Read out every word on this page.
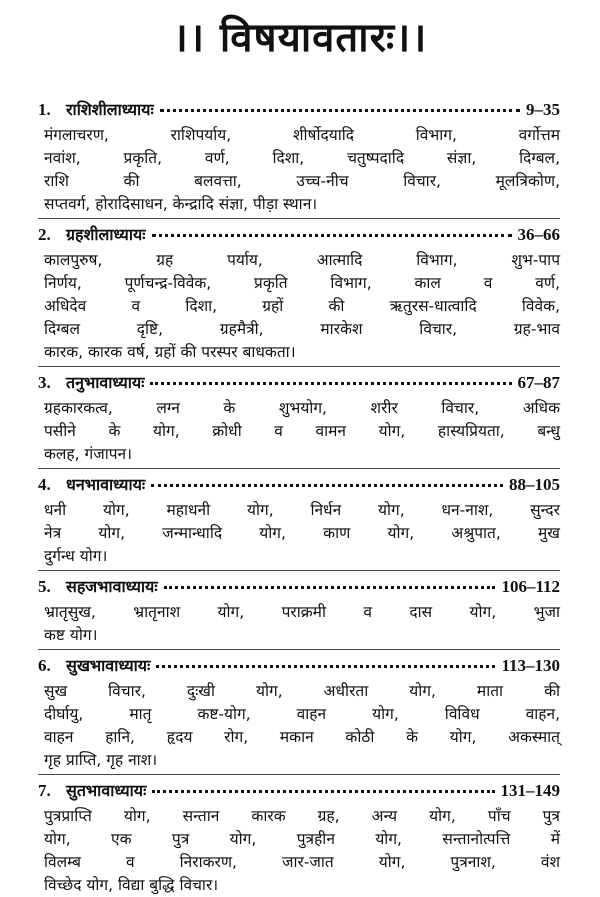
।। विषयावतारः।।
1. राशिशीलाध्यायः	9–35
मंगलाचरण, राशिपर्याय, शीर्षोदयादि विभाग, वर्गोत्तम
नवांश, प्रकृति, वर्ण, दिशा, चतुष्पदादि संज्ञा, दिग्बल,
राशि की बलवत्ता, उच्च-नीच विचार, मूलत्रिकोण,
सप्तवर्ग, होरादिसाधन, केन्द्रादि संज्ञा, पीड़ा स्थान।
2. ग्रहशीलाध्यायः	36–66
कालपुरुष, ग्रह पर्याय, आत्मादि विभाग, शुभ-पाप
निर्णय, पूर्णचन्द्र-विवेक, प्रकृति विभाग, काल व वर्ण,
अधिदेव व दिशा, ग्रहों की ऋतुरस-धात्वादि विवेक,
दिग्बल दृष्टि, ग्रहमैत्री, मारकेश विचार, ग्रह-भाव
कारक, कारक वर्ष, ग्रहों की परस्पर बाधकता।
3. तनुभावाध्यायः	67–87
ग्रहकारकत्व, लग्न के शुभयोग, शरीर विचार, अधिक
पसीने के योग, क्रोधी व वामन योग, हास्यप्रियता, बन्धु
कलह, गंजापन।
4. धनभावाध्यायः	88–105
धनी योग, महाधनी योग, निर्धन योग, धन-नाश, सुन्दर
नेत्र योग, जन्मान्धादि योग, काण योग, अश्रुपात, मुख
दुर्गन्ध योग।
5. सहजभावाध्यायः	106–112
भ्रातृसुख, भ्रातृनाश योग, पराक्रमी व दास योग, भुजा
कष्ट योग।
6. सुखभावाध्यायः	113–130
सुख विचार, दुःखी योग, अधीरता योग, माता की
दीर्घायु, मातृ कष्ट-योग, वाहन योग, विविध वाहन,
वाहन हानि, हृदय रोग, मकान कोठी के योग, अकस्मात्
गृह प्राप्ति, गृह नाश।
7. सुतभावाध्यायः	131–149
पुत्रप्राप्ति योग, सन्तान कारक ग्रह, अन्य योग, पाँच पुत्र
योग, एक पुत्र योग, पुत्रहीन योग, सन्तानोत्पत्ति में
विलम्ब व निराकरण, जार-जात योग, पुत्रनाश, वंश
विच्छेद योग, विद्या बुद्धि विचार।
